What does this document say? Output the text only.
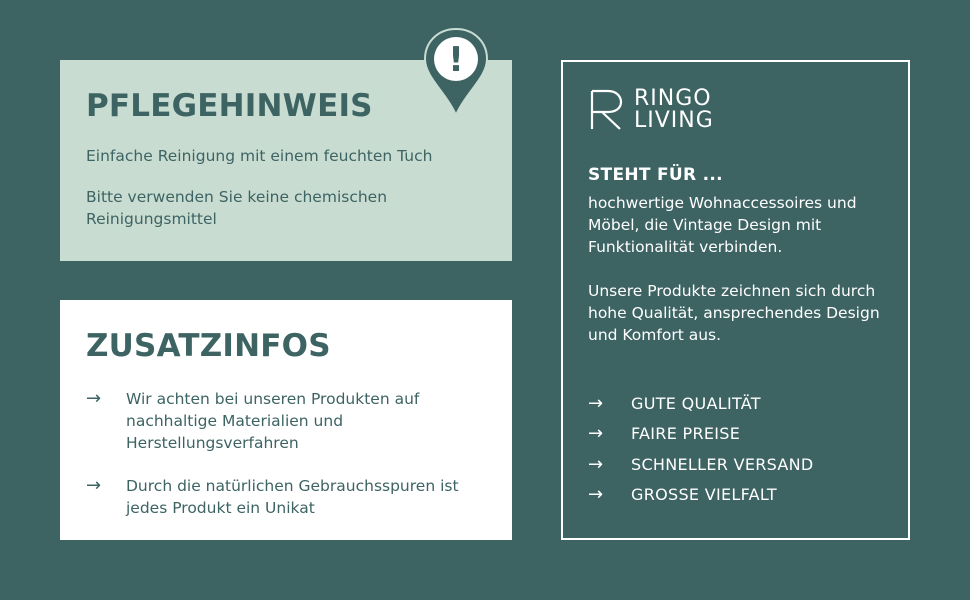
PFLEGEHINWEIS

Einfache Reinigung mit einem feuchten Tuch

Bitte verwenden Sie keine chemischen Reinigungsmittel

!
ZUSATZINFOS
→	Wir achten bei unseren Produkten auf nachhaltige Materialien und Herstellungsverfahren
→	Durch die natürlichen Gebrauchsspuren ist jedes Produkt ein Unikat
RINGO
LIVING
STEHT FÜR ...

hochwertige Wohnaccessoires und Möbel, die Vintage Design mit Funktionalität verbinden.

Unsere Produkte zeichnen sich durch hohe Qualität, ansprechendes Design und Komfort aus.

→	GUTE QUALITÄT
→	FAIRE PREISE
→	SCHNELLER VERSAND
→	GROSSE VIELFALT
